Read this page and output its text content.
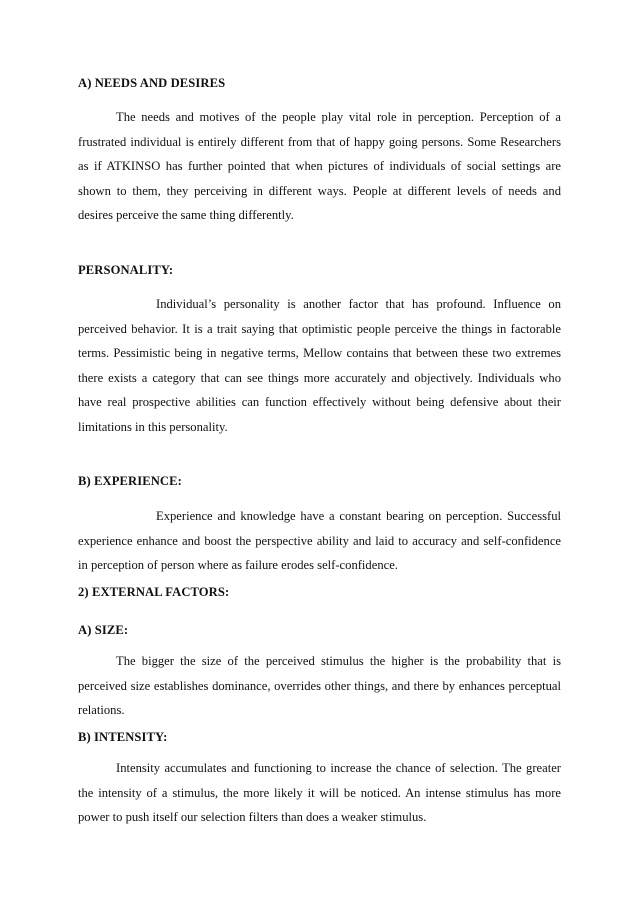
A) NEEDS AND DESIRES

The needs and motives of the people play vital role in perception. Perception of a frustrated individual is entirely different from that of happy going persons. Some Researchers as if ATKINSO has further pointed that when pictures of individuals of social settings are shown to them, they perceiving in different ways. People at different levels of needs and desires perceive the same thing differently.

PERSONALITY:

Individual’s personality is another factor that has profound. Influence on perceived behavior. It is a trait saying that optimistic people perceive the things in factorable terms. Pessimistic being in negative terms, Mellow contains that between these two extremes there exists a category that can see things more accurately and objectively. Individuals who have real prospective abilities can function effectively without being defensive about their limitations in this personality.

B) EXPERIENCE:

Experience and knowledge have a constant bearing on perception. Successful experience enhance and boost the perspective ability and laid to accuracy and self-confidence in perception of person where as failure erodes self-confidence.

2) EXTERNAL FACTORS:
A) SIZE:

The bigger the size of the perceived stimulus the higher is the probability that is perceived size establishes dominance, overrides other things, and there by enhances perceptual relations.

B) INTENSITY:

Intensity accumulates and functioning to increase the chance of selection. The greater the intensity of a stimulus, the more likely it will be noticed. An intense stimulus has more power to push itself our selection filters than does a weaker stimulus.
